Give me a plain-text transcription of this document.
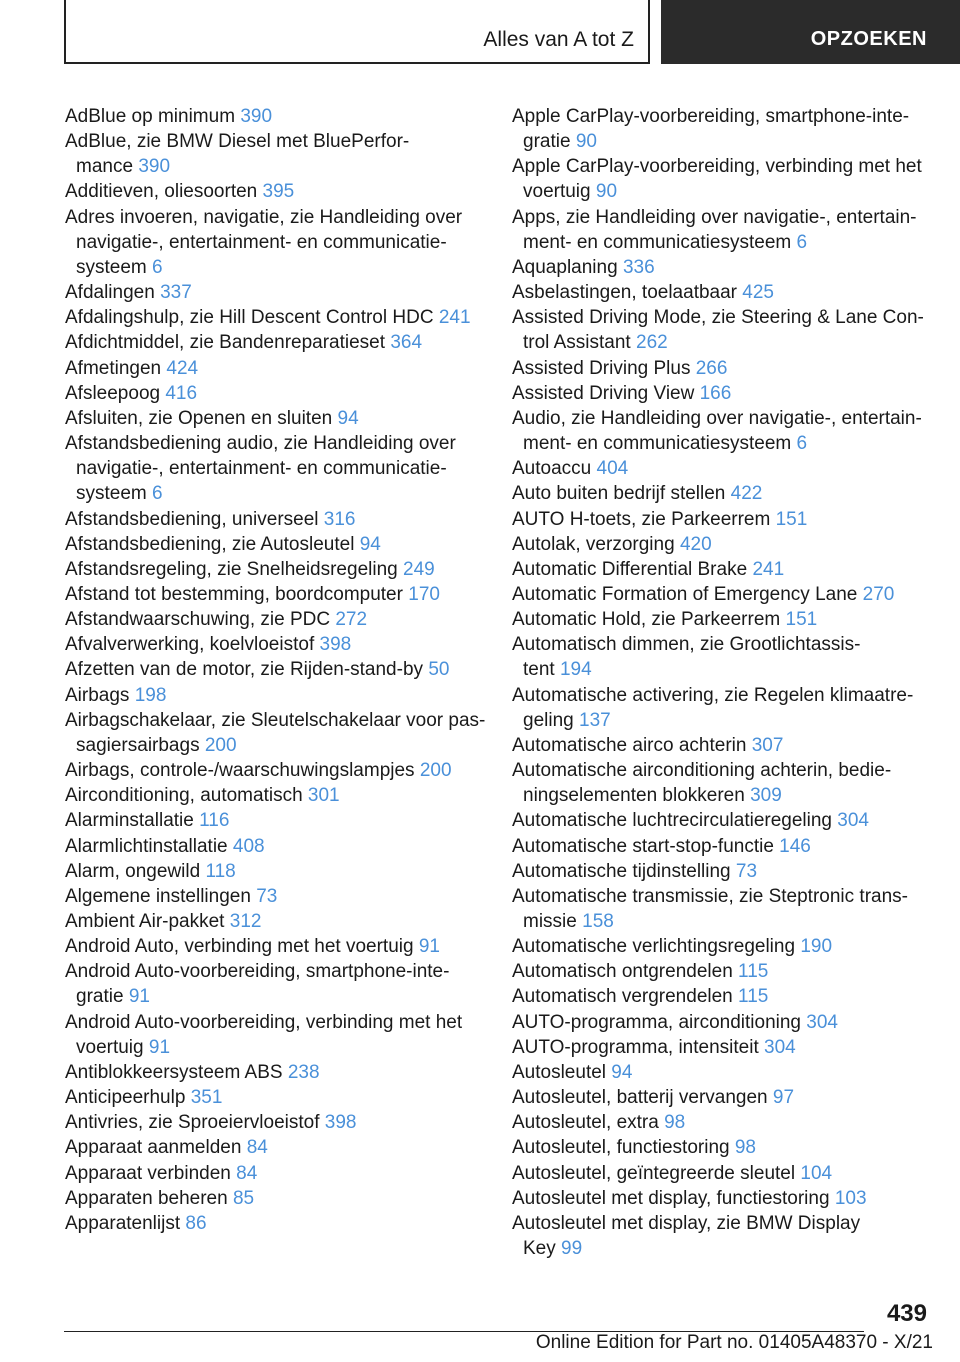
Alles van A tot Z	OPZOEKEN
AdBlue op minimum 390
AdBlue, zie BMW Diesel met BluePerfor-
mance 390
Additieven, oliesoorten 395
Adres invoeren, navigatie, zie Handleiding over
navigatie-, entertainment- en communicatie-
systeem 6
Afdalingen 337
Afdalingshulp, zie Hill Descent Control HDC 241
Afdichtmiddel, zie Bandenreparatieset 364
Afmetingen 424
Afsleepoog 416
Afsluiten, zie Openen en sluiten 94
Afstandsbediening audio, zie Handleiding over
navigatie-, entertainment- en communicatie-
systeem 6
Afstandsbediening, universeel 316
Afstandsbediening, zie Autosleutel 94
Afstandsregeling, zie Snelheidsregeling 249
Afstand tot bestemming, boordcomputer 170
Afstandwaarschuwing, zie PDC 272
Afvalverwerking, koelvloeistof 398
Afzetten van de motor, zie Rijden-stand-by 50
Airbags 198
Airbagschakelaar, zie Sleutelschakelaar voor pas-
sagiersairbags 200
Airbags, controle-/waarschuwingslampjes 200
Airconditioning, automatisch 301
Alarminstallatie 116
Alarmlichtinstallatie 408
Alarm, ongewild 118
Algemene instellingen 73
Ambient Air-pakket 312
Android Auto, verbinding met het voertuig 91
Android Auto-voorbereiding, smartphone-inte-
gratie 91
Android Auto-voorbereiding, verbinding met het
voertuig 91
Antiblokkeersysteem ABS 238
Anticipeerhulp 351
Antivries, zie Sproeiervloeistof 398
Apparaat aanmelden 84
Apparaat verbinden 84
Apparaten beheren 85
Apparatenlijst 86
Apple CarPlay-voorbereiding, smartphone-inte-
gratie 90
Apple CarPlay-voorbereiding, verbinding met het
voertuig 90
Apps, zie Handleiding over navigatie-, entertain-
ment- en communicatiesysteem 6
Aquaplaning 336
Asbelastingen, toelaatbaar 425
Assisted Driving Mode, zie Steering & Lane Con-
trol Assistant 262
Assisted Driving Plus 266
Assisted Driving View 166
Audio, zie Handleiding over navigatie-, entertain-
ment- en communicatiesysteem 6
Autoaccu 404
Auto buiten bedrijf stellen 422
AUTO H-toets, zie Parkeerrem 151
Autolak, verzorging 420
Automatic Differential Brake 241
Automatic Formation of Emergency Lane 270
Automatic Hold, zie Parkeerrem 151
Automatisch dimmen, zie Grootlichtassis-
tent 194
Automatische activering, zie Regelen klimaatre-
geling 137
Automatische airco achterin 307
Automatische airconditioning achterin, bedie-
ningselementen blokkeren 309
Automatische luchtrecirculatieregeling 304
Automatische start-stop-functie 146
Automatische tijdinstelling 73
Automatische transmissie, zie Steptronic trans-
missie 158
Automatische verlichtingsregeling 190
Automatisch ontgrendelen 115
Automatisch vergrendelen 115
AUTO-programma, airconditioning 304
AUTO-programma, intensiteit 304
Autosleutel 94
Autosleutel, batterij vervangen 97
Autosleutel, extra 98
Autosleutel, functiestoring 98
Autosleutel, geïntegreerde sleutel 104
Autosleutel met display, functiestoring 103
Autosleutel met display, zie BMW Display
Key 99
439
Online Edition for Part no. 01405A48370 - X/21
